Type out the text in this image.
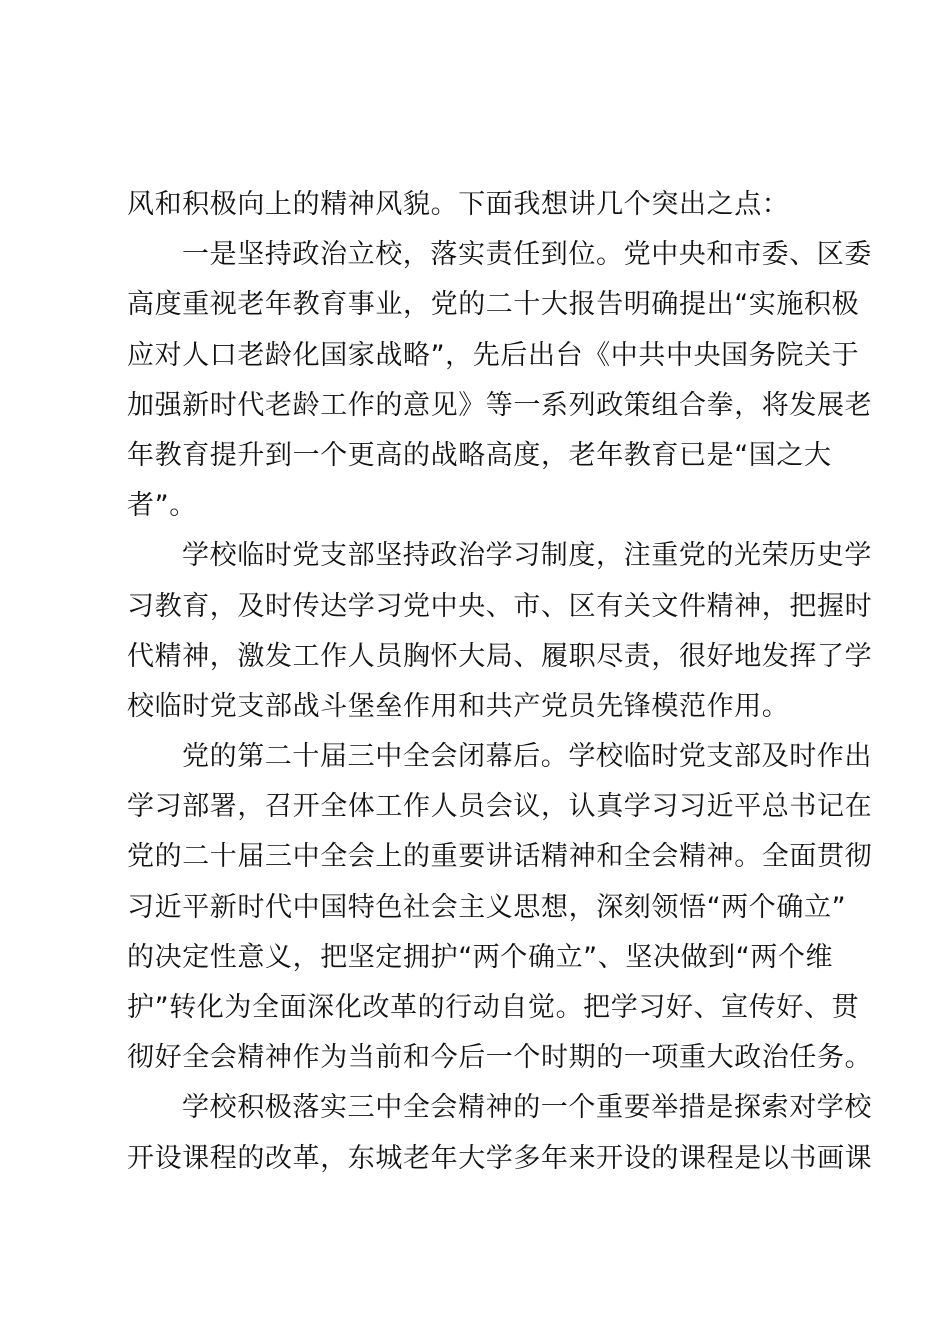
风和积极向上的精神风貌。下面我想讲几个突出之点：
一是坚持政治立校，落实责任到位。党中央和市委、区委
高度重视老年教育事业，党的二十大报告明确提出“实施积极
应对人口老龄化国家战略”，先后出台《中共中央国务院关于
加强新时代老龄工作的意见》等一系列政策组合拳，将发展老
年教育提升到一个更高的战略高度，老年教育已是“国之大
者”。
学校临时党支部坚持政治学习制度，注重党的光荣历史学
习教育，及时传达学习党中央、市、区有关文件精神，把握时
代精神，激发工作人员胸怀大局、履职尽责，很好地发挥了学
校临时党支部战斗堡垒作用和共产党员先锋模范作用。
党的第二十届三中全会闭幕后。学校临时党支部及时作出
学习部署，召开全体工作人员会议，认真学习习近平总书记在
党的二十届三中全会上的重要讲话精神和全会精神。全面贯彻
习近平新时代中国特色社会主义思想，深刻领悟“两个确立”
的决定性意义，把坚定拥护“两个确立”、坚决做到“两个维
护”转化为全面深化改革的行动自觉。把学习好、宣传好、贯
彻好全会精神作为当前和今后一个时期的一项重大政治任务。
学校积极落实三中全会精神的一个重要举措是探索对学校
开设课程的改革，东城老年大学多年来开设的课程是以书画课
